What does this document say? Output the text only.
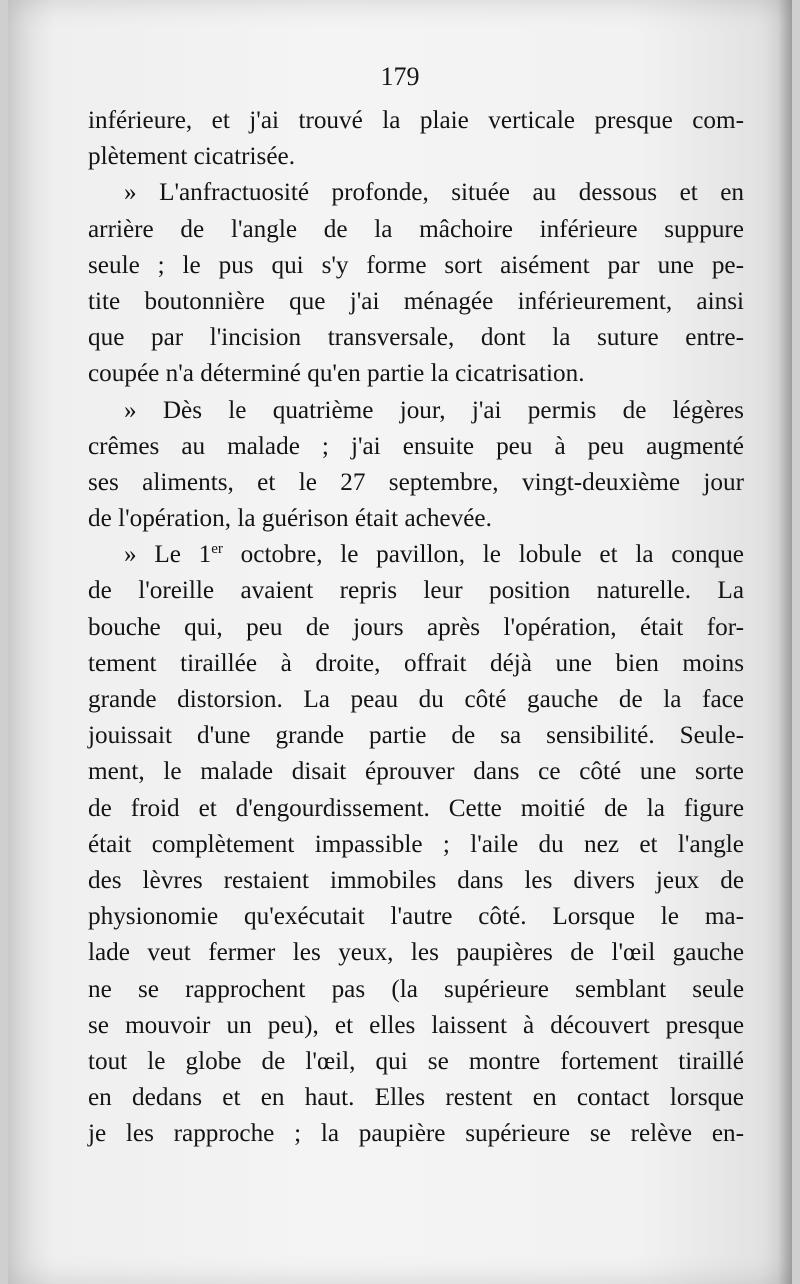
179
inférieure, et j'ai trouvé la plaie verticale presque com-
plètement cicatrisée.
» L'anfractuosité profonde, située au dessous et en
arrière de l'angle de la mâchoire inférieure suppure
seule ; le pus qui s'y forme sort aisément par une pe-
tite boutonnière que j'ai ménagée inférieurement, ainsi
que par l'incision transversale, dont la suture entre-
coupée n'a déterminé qu'en partie la cicatrisation.
» Dès le quatrième jour, j'ai permis de légères
crêmes au malade ; j'ai ensuite peu à peu augmenté
ses aliments, et le 27 septembre, vingt-deuxième jour
de l'opération, la guérison était achevée.
» Le 1er octobre, le pavillon, le lobule et la conque
de l'oreille avaient repris leur position naturelle. La
bouche qui, peu de jours après l'opération, était for-
tement tiraillée à droite, offrait déjà une bien moins
grande distorsion. La peau du côté gauche de la face
jouissait d'une grande partie de sa sensibilité. Seule-
ment, le malade disait éprouver dans ce côté une sorte
de froid et d'engourdissement. Cette moitié de la figure
était complètement impassible ; l'aile du nez et l'angle
des lèvres restaient immobiles dans les divers jeux de
physionomie qu'exécutait l'autre côté. Lorsque le ma-
lade veut fermer les yeux, les paupières de l'œil gauche
ne se rapprochent pas (la supérieure semblant seule
se mouvoir un peu), et elles laissent à découvert presque
tout le globe de l'œil, qui se montre fortement tiraillé
en dedans et en haut. Elles restent en contact lorsque
je les rapproche ; la paupière supérieure se relève en-
